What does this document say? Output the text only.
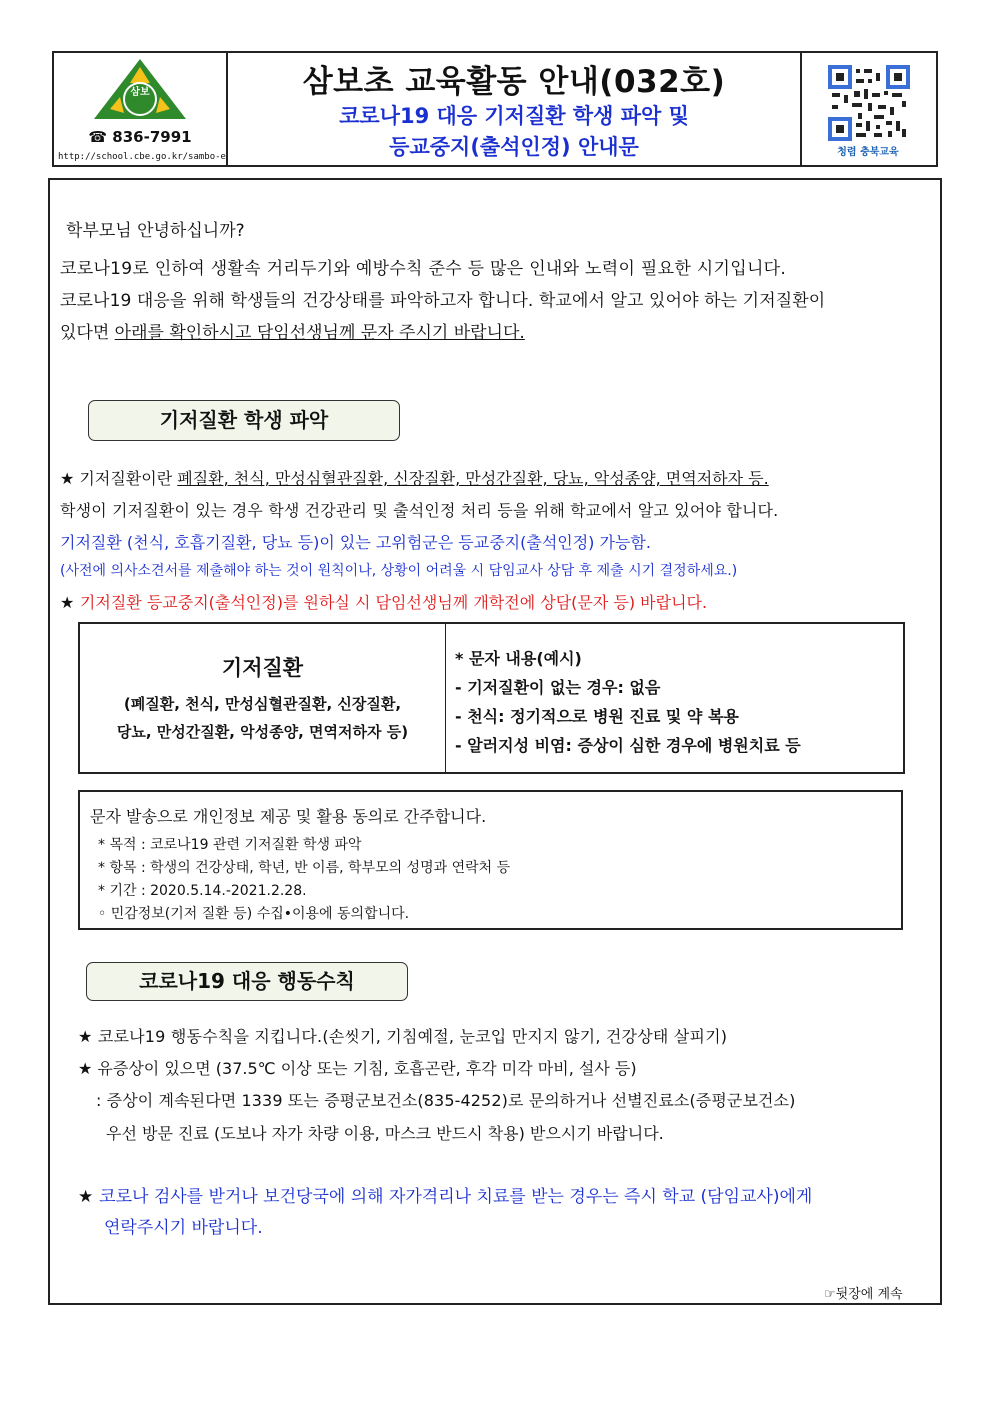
삼보
☎ 836-7991
http://school.cbe.go.kr/sambo-e
삼보초 교육활동 안내(032호)
코로나19 대응 기저질환 학생 파악 및
등교중지(출석인정) 안내문	청렴 충북교육
학부모님 안녕하십니까?
코로나19로 인하여 생활속 거리두기와 예방수칙 준수 등 많은 인내와 노력이 필요한 시기입니다.
코로나19 대응을 위해 학생들의 건강상태를 파악하고자 합니다. 학교에서 알고 있어야 하는 기저질환이
있다면 아래를 확인하시고 담임선생님께 문자 주시기 바랍니다.
기저질환 학생 파악
★ 기저질환이란 폐질환, 천식, 만성심혈관질환, 신장질환, 만성간질환, 당뇨, 악성종양, 면역저하자 등.
학생이 기저질환이 있는 경우 학생 건강관리 및 출석인정 처리 등을 위해 학교에서 알고 있어야 합니다.
기저질환 (천식, 호흡기질환, 당뇨 등)이 있는 고위험군은 등교중지(출석인정) 가능함.
(사전에 의사소견서를 제출해야 하는 것이 원칙이나, 상황이 어려울 시 담임교사 상담 후 제출 시기 결정하세요.)
★ 기저질환 등교중지(출석인정)를 원하실 시 담임선생님께 개학전에 상담(문자 등) 바랍니다.
기저질환
(폐질환, 천식, 만성심혈관질환, 신장질환,
당뇨, 만성간질환, 악성종양, 면역저하자 등)
* 문자 내용(예시)
- 기저질환이 없는 경우: 없음
- 천식: 정기적으로 병원 진료 및 약 복용
- 알러지성 비염: 증상이 심한 경우에 병원치료 등
문자 발송으로 개인정보 제공 및 활용 동의로 간주합니다.
* 목적 : 코로나19 관련 기저질환 학생 파악
* 항목 : 학생의 건강상태, 학년, 반 이름, 학부모의 성명과 연락처 등
* 기간 : 2020.5.14.-2021.2.28.
◦ 민감정보(기저 질환 등) 수집•이용에 동의합니다.
코로나19 대응 행동수칙
★ 코로나19 행동수칙을 지킵니다.(손씻기, 기침예절, 눈코입 만지지 않기, 건강상태 살피기)
★ 유증상이 있으면 (37.5℃ 이상 또는 기침, 호흡곤란, 후각 미각 마비, 설사 등)
: 증상이 계속된다면 1339 또는 증평군보건소(835-4252)로 문의하거나 선별진료소(증평군보건소)
우선 방문 진료 (도보나 자가 차량 이용, 마스크 반드시 착용) 받으시기 바랍니다.
★ 코로나 검사를 받거나 보건당국에 의해 자가격리나 치료를 받는 경우는 즉시 학교 (담임교사)에게
연락주시기 바랍니다.
☞뒷장에 계속
